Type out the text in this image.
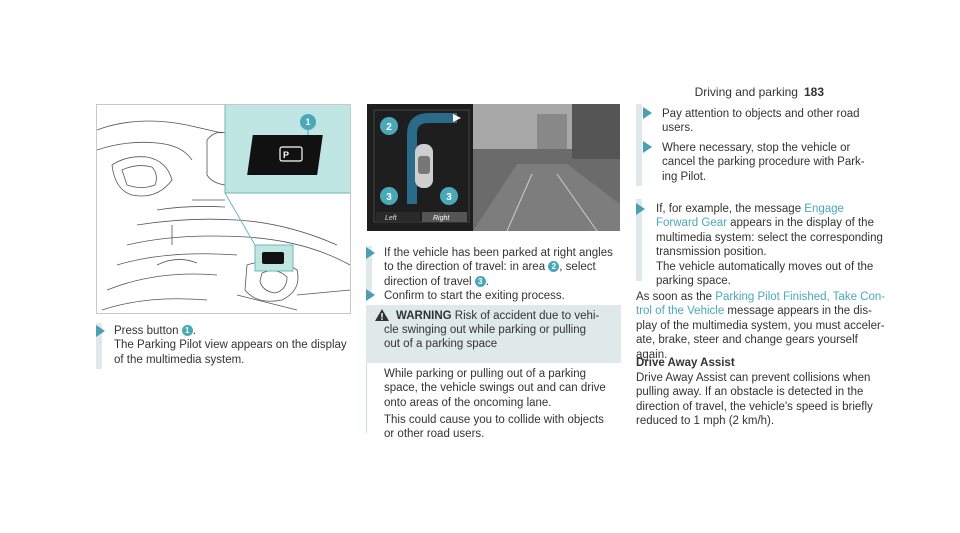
Driving and parking 183
P
1	2
3	3
Left	Right

Press button 1 .
The Parking Pilot view appears on the display
of the multimedia system.

If the vehicle has been parked at right angles
to the direction of travel: in area 2 , select
direction of travel 3 .

Confirm to start the exiting process.

WARNING Risk of accident due to vehi-

cle swinging out while parking or pulling
out of a parking space

While parking or pulling out of a parking
space, the vehicle swings out and can drive
onto areas of the oncoming lane.

This could cause you to collide with objects
or other road users.

Pay attention to objects and other road
users.

Where necessary, stop the vehicle or
cancel the parking procedure with Park-
ing Pilot.

If, for example, the message Engage
Forward Gear appears in the display of the
multimedia system: select the corresponding
transmission position.
The vehicle automatically moves out of the
parking space.

As soon as the Parking Pilot Finished, Take Con-
trol of the Vehicle message appears in the dis-
play of the multimedia system, you must acceler-
ate, brake, steer and change gears yourself
again.

Drive Away Assist

Drive Away Assist can prevent collisions when
pulling away. If an obstacle is detected in the
direction of travel, the vehicle's speed is briefly
reduced to 1 mph (2 km/h).
